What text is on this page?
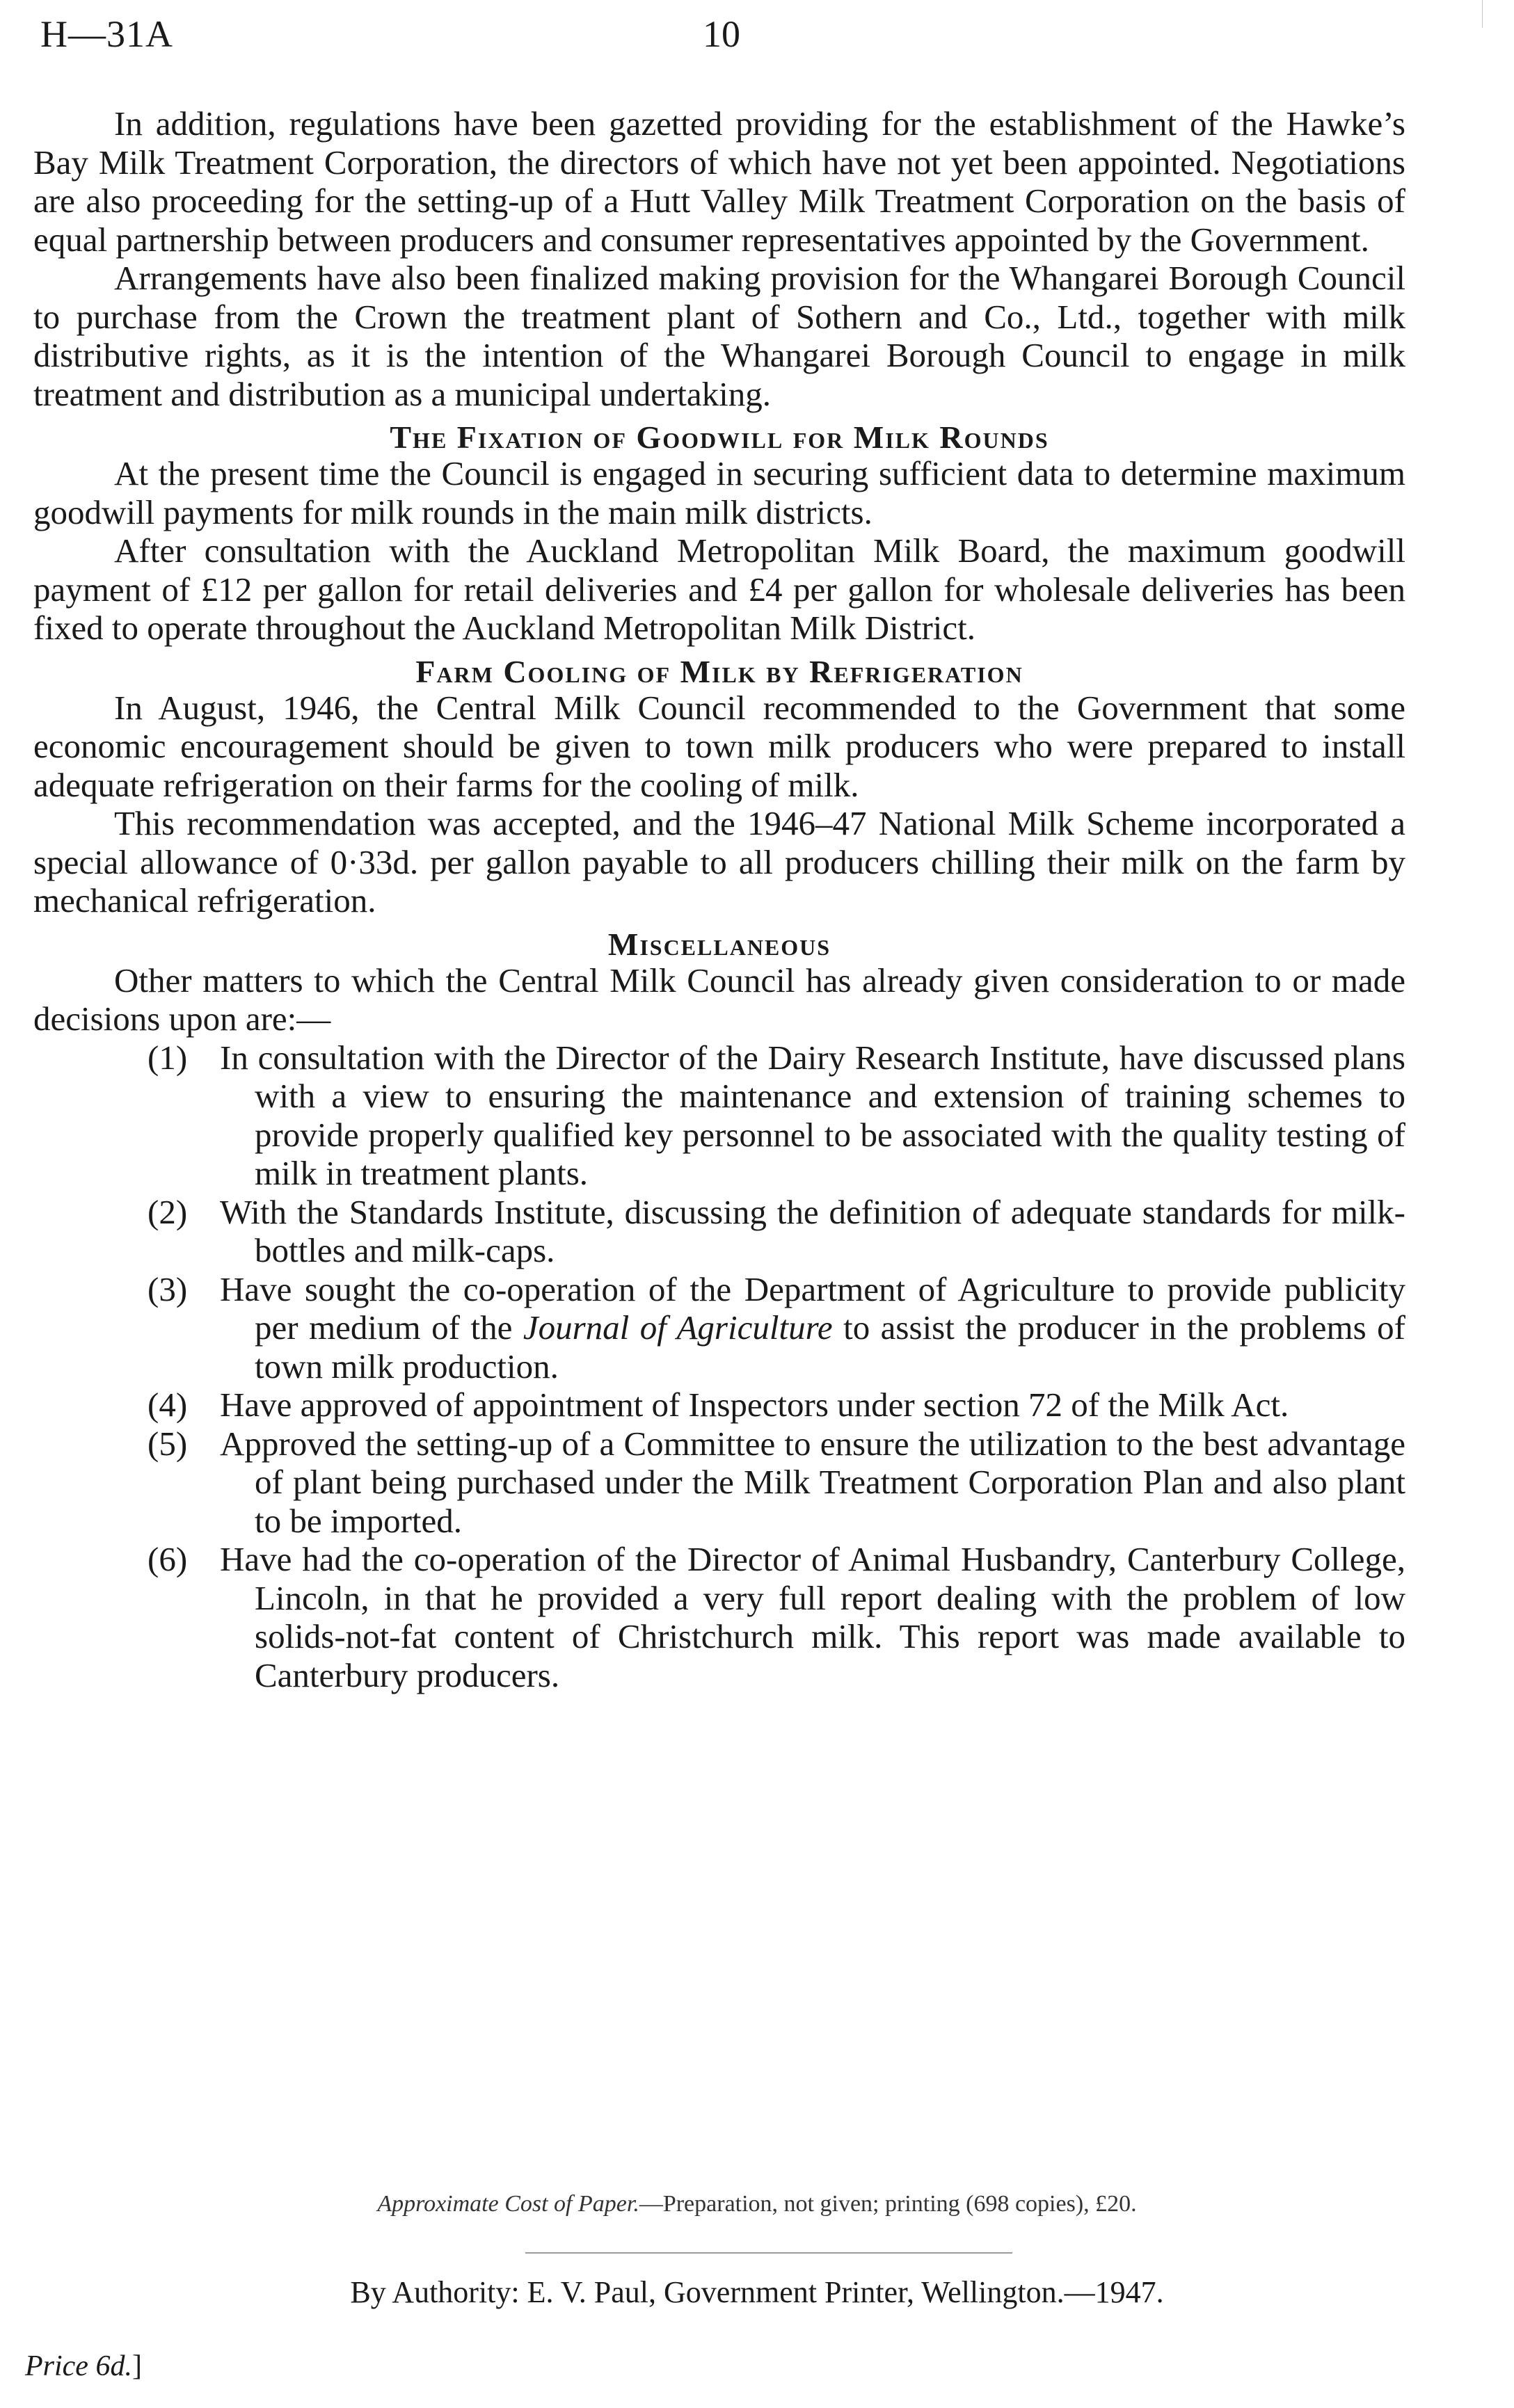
H—31A	10

In addition, regulations have been gazetted providing for the establishment of the Hawke’s Bay Milk Treatment Corporation, the directors of which have not yet been appointed. Negotiations are also proceeding for the setting-up of a Hutt Valley Milk Treatment Corporation on the basis of equal partnership between producers and consumer representatives appointed by the Government.

Arrangements have also been finalized making provision for the Whangarei Borough Council to purchase from the Crown the treatment plant of Sothern and Co., Ltd., together with milk distributive rights, as it is the intention of the Whangarei Borough Council to engage in milk treatment and distribution as a municipal undertaking.

The Fixation of Goodwill for Milk Rounds

At the present time the Council is engaged in securing sufficient data to determine maximum goodwill payments for milk rounds in the main milk districts.

After consultation with the Auckland Metropolitan Milk Board, the maximum goodwill payment of £12 per gallon for retail deliveries and £4 per gallon for wholesale deliveries has been fixed to operate throughout the Auckland Metropolitan Milk District.

Farm Cooling of Milk by Refrigeration

In August, 1946, the Central Milk Council recommended to the Government that some economic encouragement should be given to town milk producers who were prepared to install adequate refrigeration on their farms for the cooling of milk.

This recommendation was accepted, and the 1946–47 National Milk Scheme incorporated a special allowance of 0·33d. per gallon payable to all producers chilling their milk on the farm by mechanical refrigeration.

Miscellaneous

Other matters to which the Central Milk Council has already given consideration to or made decisions upon are:—

(1) In consultation with the Director of the Dairy Research Institute, have discussed plans with a view to ensuring the maintenance and extension of training schemes to provide properly qualified key personnel to be associated with the quality testing of milk in treatment plants.
(2) With the Standards Institute, discussing the definition of adequate standards for milk-bottles and milk-caps.
(3) Have sought the co-operation of the Department of Agriculture to provide publicity per medium of the Journal of Agriculture to assist the producer in the problems of town milk production.
(4) Have approved of appointment of Inspectors under section 72 of the Milk Act.
(5) Approved the setting-up of a Committee to ensure the utilization to the best advantage of plant being purchased under the Milk Treatment Corporation Plan and also plant to be imported.
(6) Have had the co-operation of the Director of Animal Husbandry, Canterbury College, Lincoln, in that he provided a very full report dealing with the problem of low solids-not-fat content of Christchurch milk. This report was made available to Canterbury producers.
Approximate Cost of Paper.—Preparation, not given; printing (698 copies), £20.
By Authority: E. V. Paul, Government Printer, Wellington.—1947.
Price 6d.]
